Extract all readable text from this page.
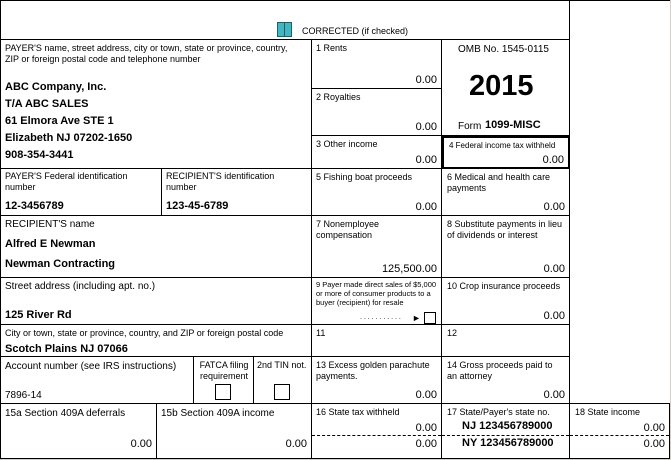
CORRECTED (if checked)
PAYER'S name, street address, city or town, state or province, country, ZIP or foreign postal code and telephone number
ABC Company, Inc.
T/A ABC SALES
61 Elmora Ave STE 1
Elizabeth NJ 07202-1650
908-354-3441
1 Rents
0.00
2 Royalties
0.00
3 Other income
0.00
OMB No. 1545-0115
2015
Form 1099-MISC
4 Federal income tax withheld
0.00
PAYER'S Federal identification number
12-3456789
RECIPIENT'S identification number
123-45-6789
5 Fishing boat proceeds
0.00
6 Medical and health care payments
0.00
RECIPIENT'S name
Alfred E Newman
Newman Contracting
7 Nonemployee compensation
125,500.00
8 Substitute payments in lieu of dividends or interest
0.00
Street address (including apt. no.)
125 River Rd
9 Payer made direct sales of $5,000 or more of consumer products to a buyer (recipient) for resale
. . . . . . . . . . . ►
10 Crop insurance proceeds
0.00
City or town, state or province, country, and ZIP or foreign postal code
Scotch Plains NJ 07066
11	12
Account number (see IRS instructions)
7896-14
FATCA filing requirement
2nd TIN not. 13 Excess golden parachute payments.
0.00
14 Gross proceeds paid to an attorney
0.00
15a Section 409A deferrals
0.00
15b Section 409A income
0.00
16 State tax withheld
0.00
0.00
17 State/Payer's state no.
NJ 123456789000
NY 123456789000
18 State income
0.00
0.00
